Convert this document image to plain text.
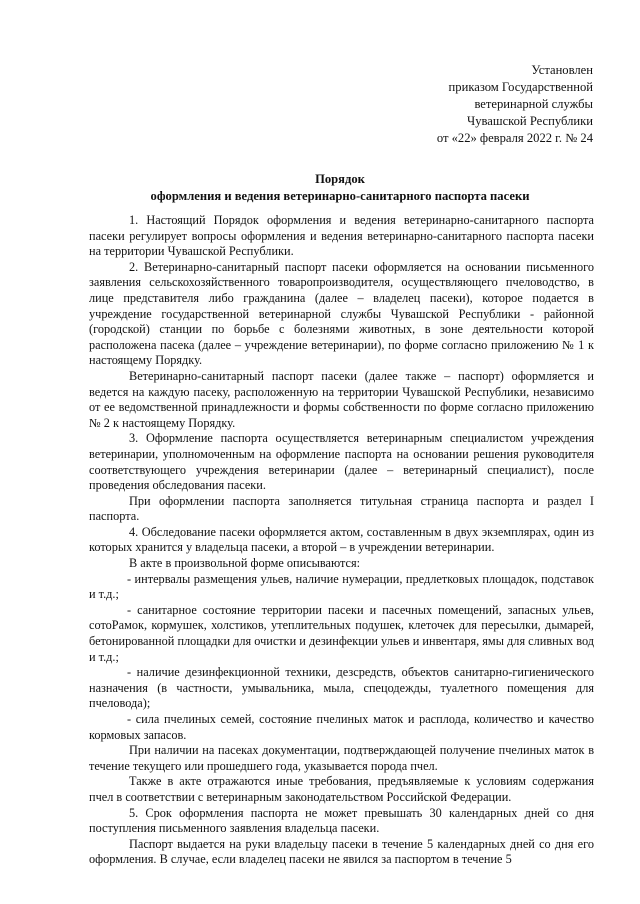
Установлен
приказом Государственной
ветеринарной службы
Чувашской Республики
от «22» февраля 2022 г. № 24
Порядок
оформления и ведения ветеринарно-санитарного паспорта пасеки

1. Настоящий Порядок оформления и ведения ветеринарно-санитарного паспорта пасеки регулирует вопросы оформления и ведения ветеринарно-санитарного паспорта пасеки на территории Чувашской Республики.

2. Ветеринарно-санитарный паспорт пасеки оформляется на основании письменного заявления сельскохозяйственного товаропроизводителя, осуществляющего пчеловодство, в лице представителя либо гражданина (далее – владелец пасеки), которое подается в учреждение государственной ветеринарной службы Чувашской Республики - районной (городской) станции по борьбе с болезнями животных, в зоне деятельности которой расположена пасека (далее – учреждение ветеринарии), по форме согласно приложению № 1 к настоящему Порядку.

Ветеринарно-санитарный паспорт пасеки (далее также – паспорт) оформляется и ведется на каждую пасеку, расположенную на территории Чувашской Республики, независимо от ее ведомственной принадлежности и формы собственности по форме согласно приложению № 2 к настоящему Порядку.

3. Оформление паспорта осуществляется ветеринарным специалистом учреждения ветеринарии, уполномоченным на оформление паспорта на основании решения руководителя соответствующего учреждения ветеринарии (далее – ветеринарный специалист), после проведения обследования пасеки.

При оформлении паспорта заполняется титульная страница паспорта и раздел I паспорта.

4. Обследование пасеки оформляется актом, составленным в двух экземплярах, один из которых хранится у владельца пасеки, а второй – в учреждении ветеринарии.

В акте в произвольной форме описываются:

- интервалы размещения ульев, наличие нумерации, предлетковых площадок, подставок и т.д.;

- санитарное состояние территории пасеки и пасечных помещений, запасных ульев, сотоРамок, кормушек, холстиков, утеплительных подушек, клеточек для пересылки, дымарей, бетонированной площадки для очистки и дезинфекции ульев и инвентаря, ямы для сливных вод и т.д.;

- наличие дезинфекционной техники, дезсредств, объектов санитарно-гигиенического назначения (в частности, умывальника, мыла, спецодежды, туалетного помещения для пчеловода);

- сила пчелиных семей, состояние пчелиных маток и расплода, количество и качество кормовых запасов.

При наличии на пасеках документации, подтверждающей получение пчелиных маток в течение текущего или прошедшего года, указывается порода пчел.

Также в акте отражаются иные требования, предъявляемые к условиям содержания пчел в соответствии с ветеринарным законодательством Российской Федерации.

5. Срок оформления паспорта не может превышать 30 календарных дней со дня поступления письменного заявления владельца пасеки.

Паспорт выдается на руки владельцу пасеки в течение 5 календарных дней со дня его оформления. В случае, если владелец пасеки не явился за паспортом в течение 5
